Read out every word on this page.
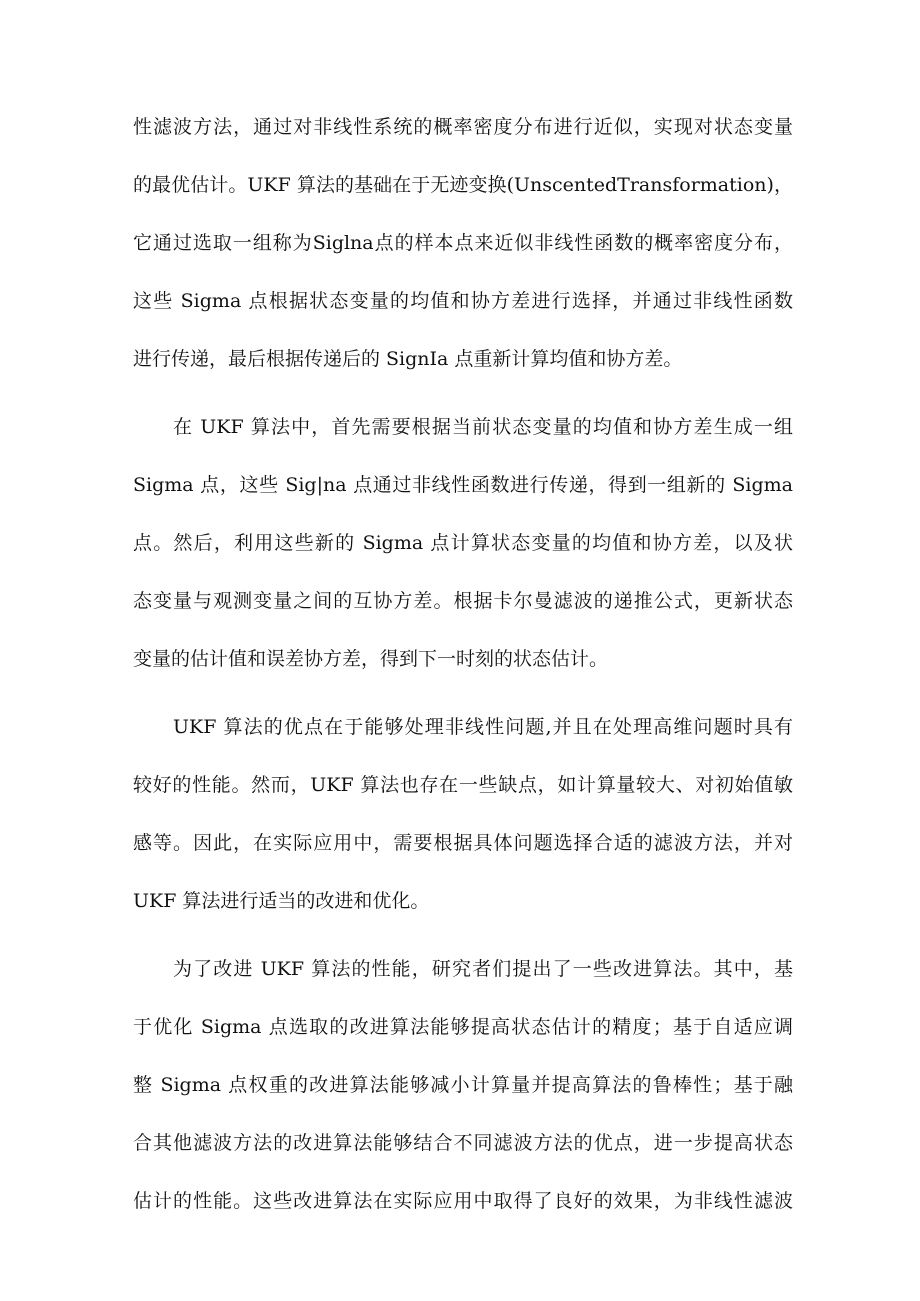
性滤波方法，通过对非线性系统的概率密度分布进行近似，实现对状态变量
的最优估计。UKF 算法的基础在于无迹变换(UnscentedTransformation)，
它通过选取一组称为Siglna点的样本点来近似非线性函数的概率密度分布，
这些 Sigma 点根据状态变量的均值和协方差进行选择，并通过非线性函数
进行传递，最后根据传递后的 SignIa 点重新计算均值和协方差。
在 UKF 算法中，首先需要根据当前状态变量的均值和协方差生成一组
Sigma 点，这些 Sig|na 点通过非线性函数进行传递，得到一组新的 Sigma
点。然后，利用这些新的 Sigma 点计算状态变量的均值和协方差，以及状
态变量与观测变量之间的互协方差。根据卡尔曼滤波的递推公式，更新状态
变量的估计值和误差协方差，得到下一时刻的状态估计。
UKF 算法的优点在于能够处理非线性问题,并且在处理高维问题时具有
较好的性能。然而，UKF 算法也存在一些缺点，如计算量较大、对初始值敏
感等。因此，在实际应用中，需要根据具体问题选择合适的滤波方法，并对
UKF 算法进行适当的改进和优化。
为了改进 UKF 算法的性能，研究者们提出了一些改进算法。其中，基
于优化 Sigma 点选取的改进算法能够提高状态估计的精度；基于自适应调
整 Sigma 点权重的改进算法能够减小计算量并提高算法的鲁棒性；基于融
合其他滤波方法的改进算法能够结合不同滤波方法的优点，进一步提高状态
估计的性能。这些改进算法在实际应用中取得了良好的效果，为非线性滤波
